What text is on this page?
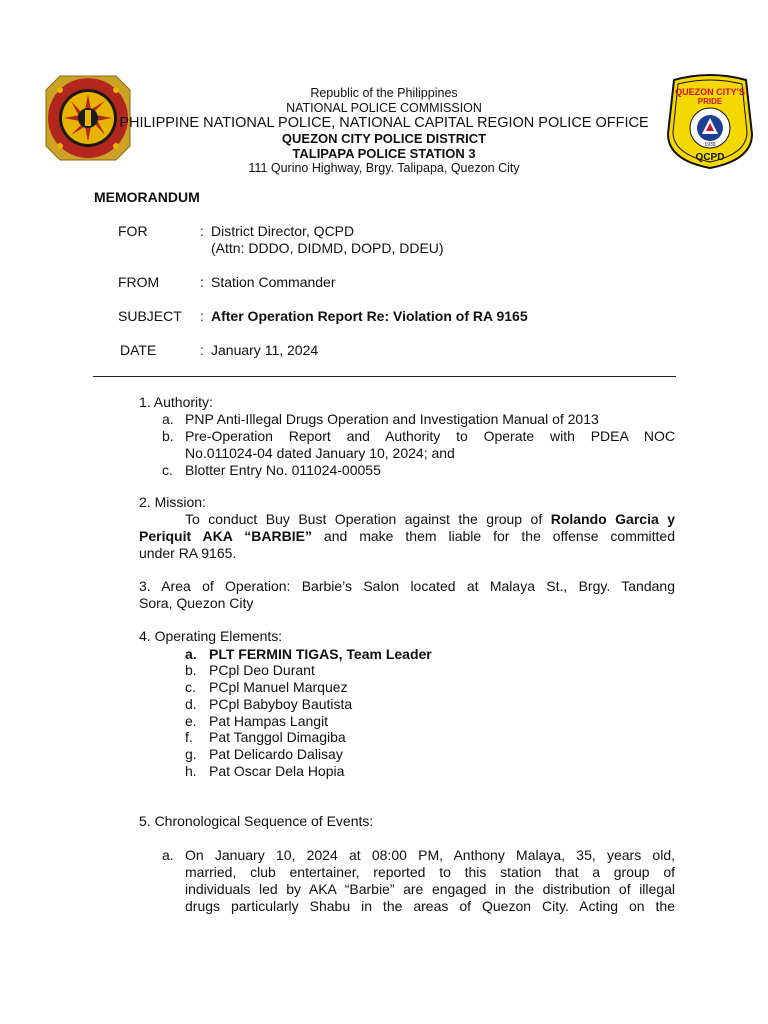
QUEZON CITY'S
PRIDE
1939
QCPD
Republic of the Philippines
NATIONAL POLICE COMMISSION
PHILIPPINE NATIONAL POLICE, NATIONAL CAPITAL REGION POLICE OFFICE
QUEZON CITY POLICE DISTRICT
TALIPAPA POLICE STATION 3
111 Qurino Highway, Brgy. Talipapa, Quezon City
MEMORANDUM
FOR	: District Director, QCPD
(Attn: DDDO, DIDMD, DOPD, DDEU)
FROM	: Station Commander
SUBJECT : After Operation Report Re: Violation of RA 9165
DATE	: January 11, 2024
1. Authority:
a. PNP Anti-Illegal Drugs Operation and Investigation Manual of 2013
b. Pre-Operation Report and Authority to Operate with PDEA NOC
No.011024-04 dated January 10, 2024; and
c. Blotter Entry No. 011024-00055
2. Mission:
To conduct Buy Bust Operation against the group of Rolando Garcia y
Periquit AKA “BARBIE” and make them liable for the offense committed
under RA 9165.
3. Area of Operation: Barbie’s Salon located at Malaya St., Brgy. Tandang
Sora, Quezon City
4. Operating Elements:
a. PLT FERMIN TIGAS, Team Leader
b. PCpl Deo Durant
c. PCpl Manuel Marquez
d. PCpl Babyboy Bautista
e. Pat Hampas Langit
f. Pat Tanggol Dimagiba
g. Pat Delicardo Dalisay
h. Pat Oscar Dela Hopia
5. Chronological Sequence of Events:
a. On January 10, 2024 at 08:00 PM, Anthony Malaya, 35, years old,
married, club entertainer, reported to this station that a group of
individuals led by AKA “Barbie” are engaged in the distribution of illegal
drugs particularly Shabu in the areas of Quezon City. Acting on the
